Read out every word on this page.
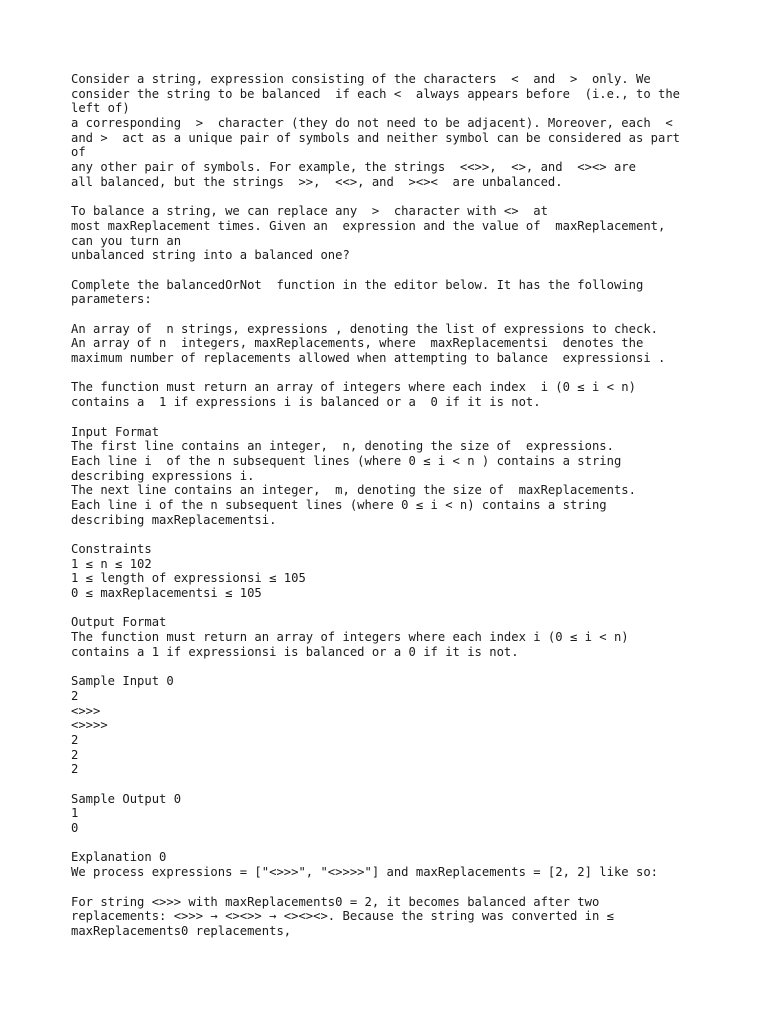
Consider a string, expression consisting of the characters  <  and  >  only. We
consider the string to be balanced  if each <  always appears before  (i.e., to the
left of)
a corresponding  >  character (they do not need to be adjacent). Moreover, each  <
and >  act as a unique pair of symbols and neither symbol can be considered as part
of
any other pair of symbols. For example, the strings  <<>>,  <>, and  <><> are
all balanced, but the strings  >>,  <<>, and  ><><  are unbalanced.
To balance a string, we can replace any  >  character with <>  at
most maxReplacement times. Given an  expression and the value of  maxReplacement,
can you turn an
unbalanced string into a balanced one?
Complete the balancedOrNot  function in the editor below. It has the following
parameters:
An array of  n strings, expressions , denoting the list of expressions to check.
An array of n  integers, maxReplacements, where  maxReplacementsi  denotes the
maximum number of replacements allowed when attempting to balance  expressionsi .
The function must return an array of integers where each index  i (0 ≤ i < n)
contains a  1 if expressions i is balanced or a  0 if it is not.
Input Format
The first line contains an integer,  n, denoting the size of  expressions.
Each line i  of the n subsequent lines (where 0 ≤ i < n ) contains a string
describing expressions i.
The next line contains an integer,  m, denoting the size of  maxReplacements.
Each line i of the n subsequent lines (where 0 ≤ i < n) contains a string
describing maxReplacementsi.
Constraints
1 ≤ n ≤ 102
1 ≤ length of expressionsi ≤ 105
0 ≤ maxReplacementsi ≤ 105
Output Format
The function must return an array of integers where each index i (0 ≤ i < n)
contains a 1 if expressionsi is balanced or a 0 if it is not.
Sample Input 0
2
<>>>
<>>>>
2
2
2
Sample Output 0
1
0
Explanation 0
We process expressions = ["<>>>", "<>>>>"] and maxReplacements = [2, 2] like so:
For string <>>> with maxReplacements0 = 2, it becomes balanced after two
replacements: <>>> → <><>> → <><><>. Because the string was converted in ≤
maxReplacements0 replacements,
